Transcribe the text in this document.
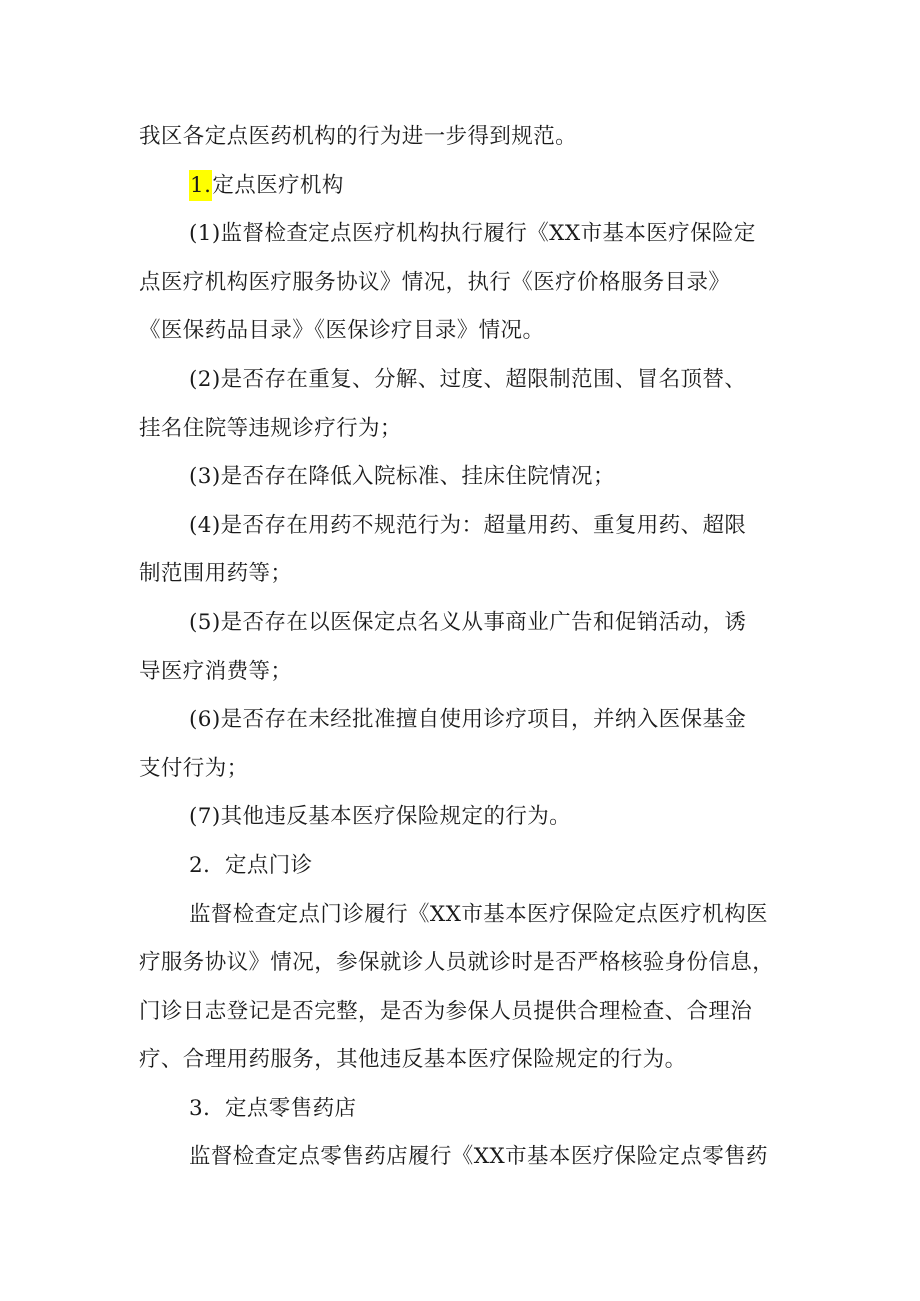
我区各定点医药机构的行为进一步得到规范。
1.定点医疗机构
(1)监督检查定点医疗机构执行履行《XX市基本医疗保险定
点医疗机构医疗服务协议》情况，执行《医疗价格服务目录》
《医保药品目录》《医保诊疗目录》情况。
(2)是否存在重复、分解、过度、超限制范围、冒名顶替、
挂名住院等违规诊疗行为；
(3)是否存在降低入院标准、挂床住院情况；
(4)是否存在用药不规范行为：超量用药、重复用药、超限
制范围用药等；
(5)是否存在以医保定点名义从事商业广告和促销活动，诱
导医疗消费等；
(6)是否存在未经批准擅自使用诊疗项目，并纳入医保基金
支付行为；
(7)其他违反基本医疗保险规定的行为。
2．定点门诊
监督检查定点门诊履行《XX市基本医疗保险定点医疗机构医
疗服务协议》情况，参保就诊人员就诊时是否严格核验身份信息，
门诊日志登记是否完整，是否为参保人员提供合理检查、合理治
疗、合理用药服务，其他违反基本医疗保险规定的行为。
3．定点零售药店
监督检查定点零售药店履行《XX市基本医疗保险定点零售药
